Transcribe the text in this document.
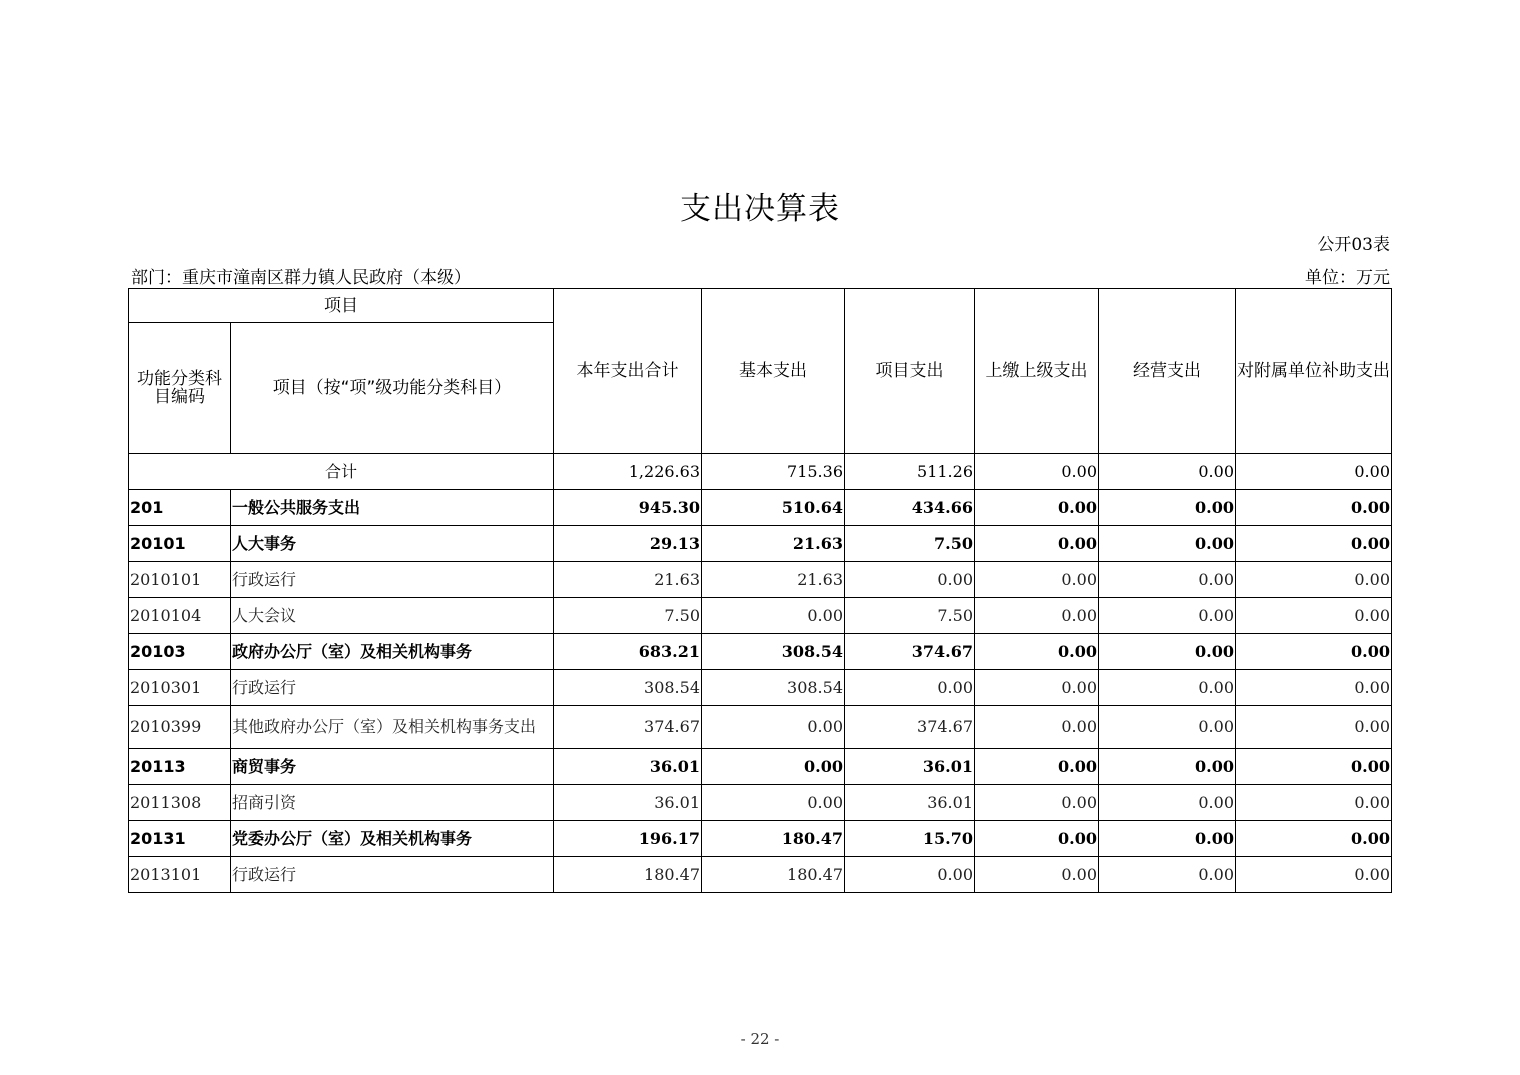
支出决算表
公开03表
部门：重庆市潼南区群力镇人民政府（本级）	单位：万元
项目		本年支出合计	基本支出	项目支出	上缴上级支出	经营支出	对附属单位补助支出
功能分类科目编码	项目（按“项”级功能分类科目）						
合计		1,226.63	715.36	511.26	0.00	0.00	0.00
201	一般公共服务支出	945.30	510.64	434.66	0.00	0.00	0.00
20101	人大事务	29.13	21.63	7.50	0.00	0.00	0.00
2010101	行政运行	21.63	21.63	0.00	0.00	0.00	0.00
2010104	人大会议	7.50	0.00	7.50	0.00	0.00	0.00
20103	政府办公厅（室）及相关机构事务	683.21	308.54	374.67	0.00	0.00	0.00
2010301	行政运行	308.54	308.54	0.00	0.00	0.00	0.00
2010399	其他政府办公厅（室）及相关机构事务支出	374.67	0.00	374.67	0.00	0.00	0.00
20113	商贸事务	36.01	0.00	36.01	0.00	0.00	0.00
2011308	招商引资	36.01	0.00	36.01	0.00	0.00	0.00
20131	党委办公厅（室）及相关机构事务	196.17	180.47	15.70	0.00	0.00	0.00
2013101	行政运行	180.47	180.47	0.00	0.00	0.00	0.00
- 22 -
